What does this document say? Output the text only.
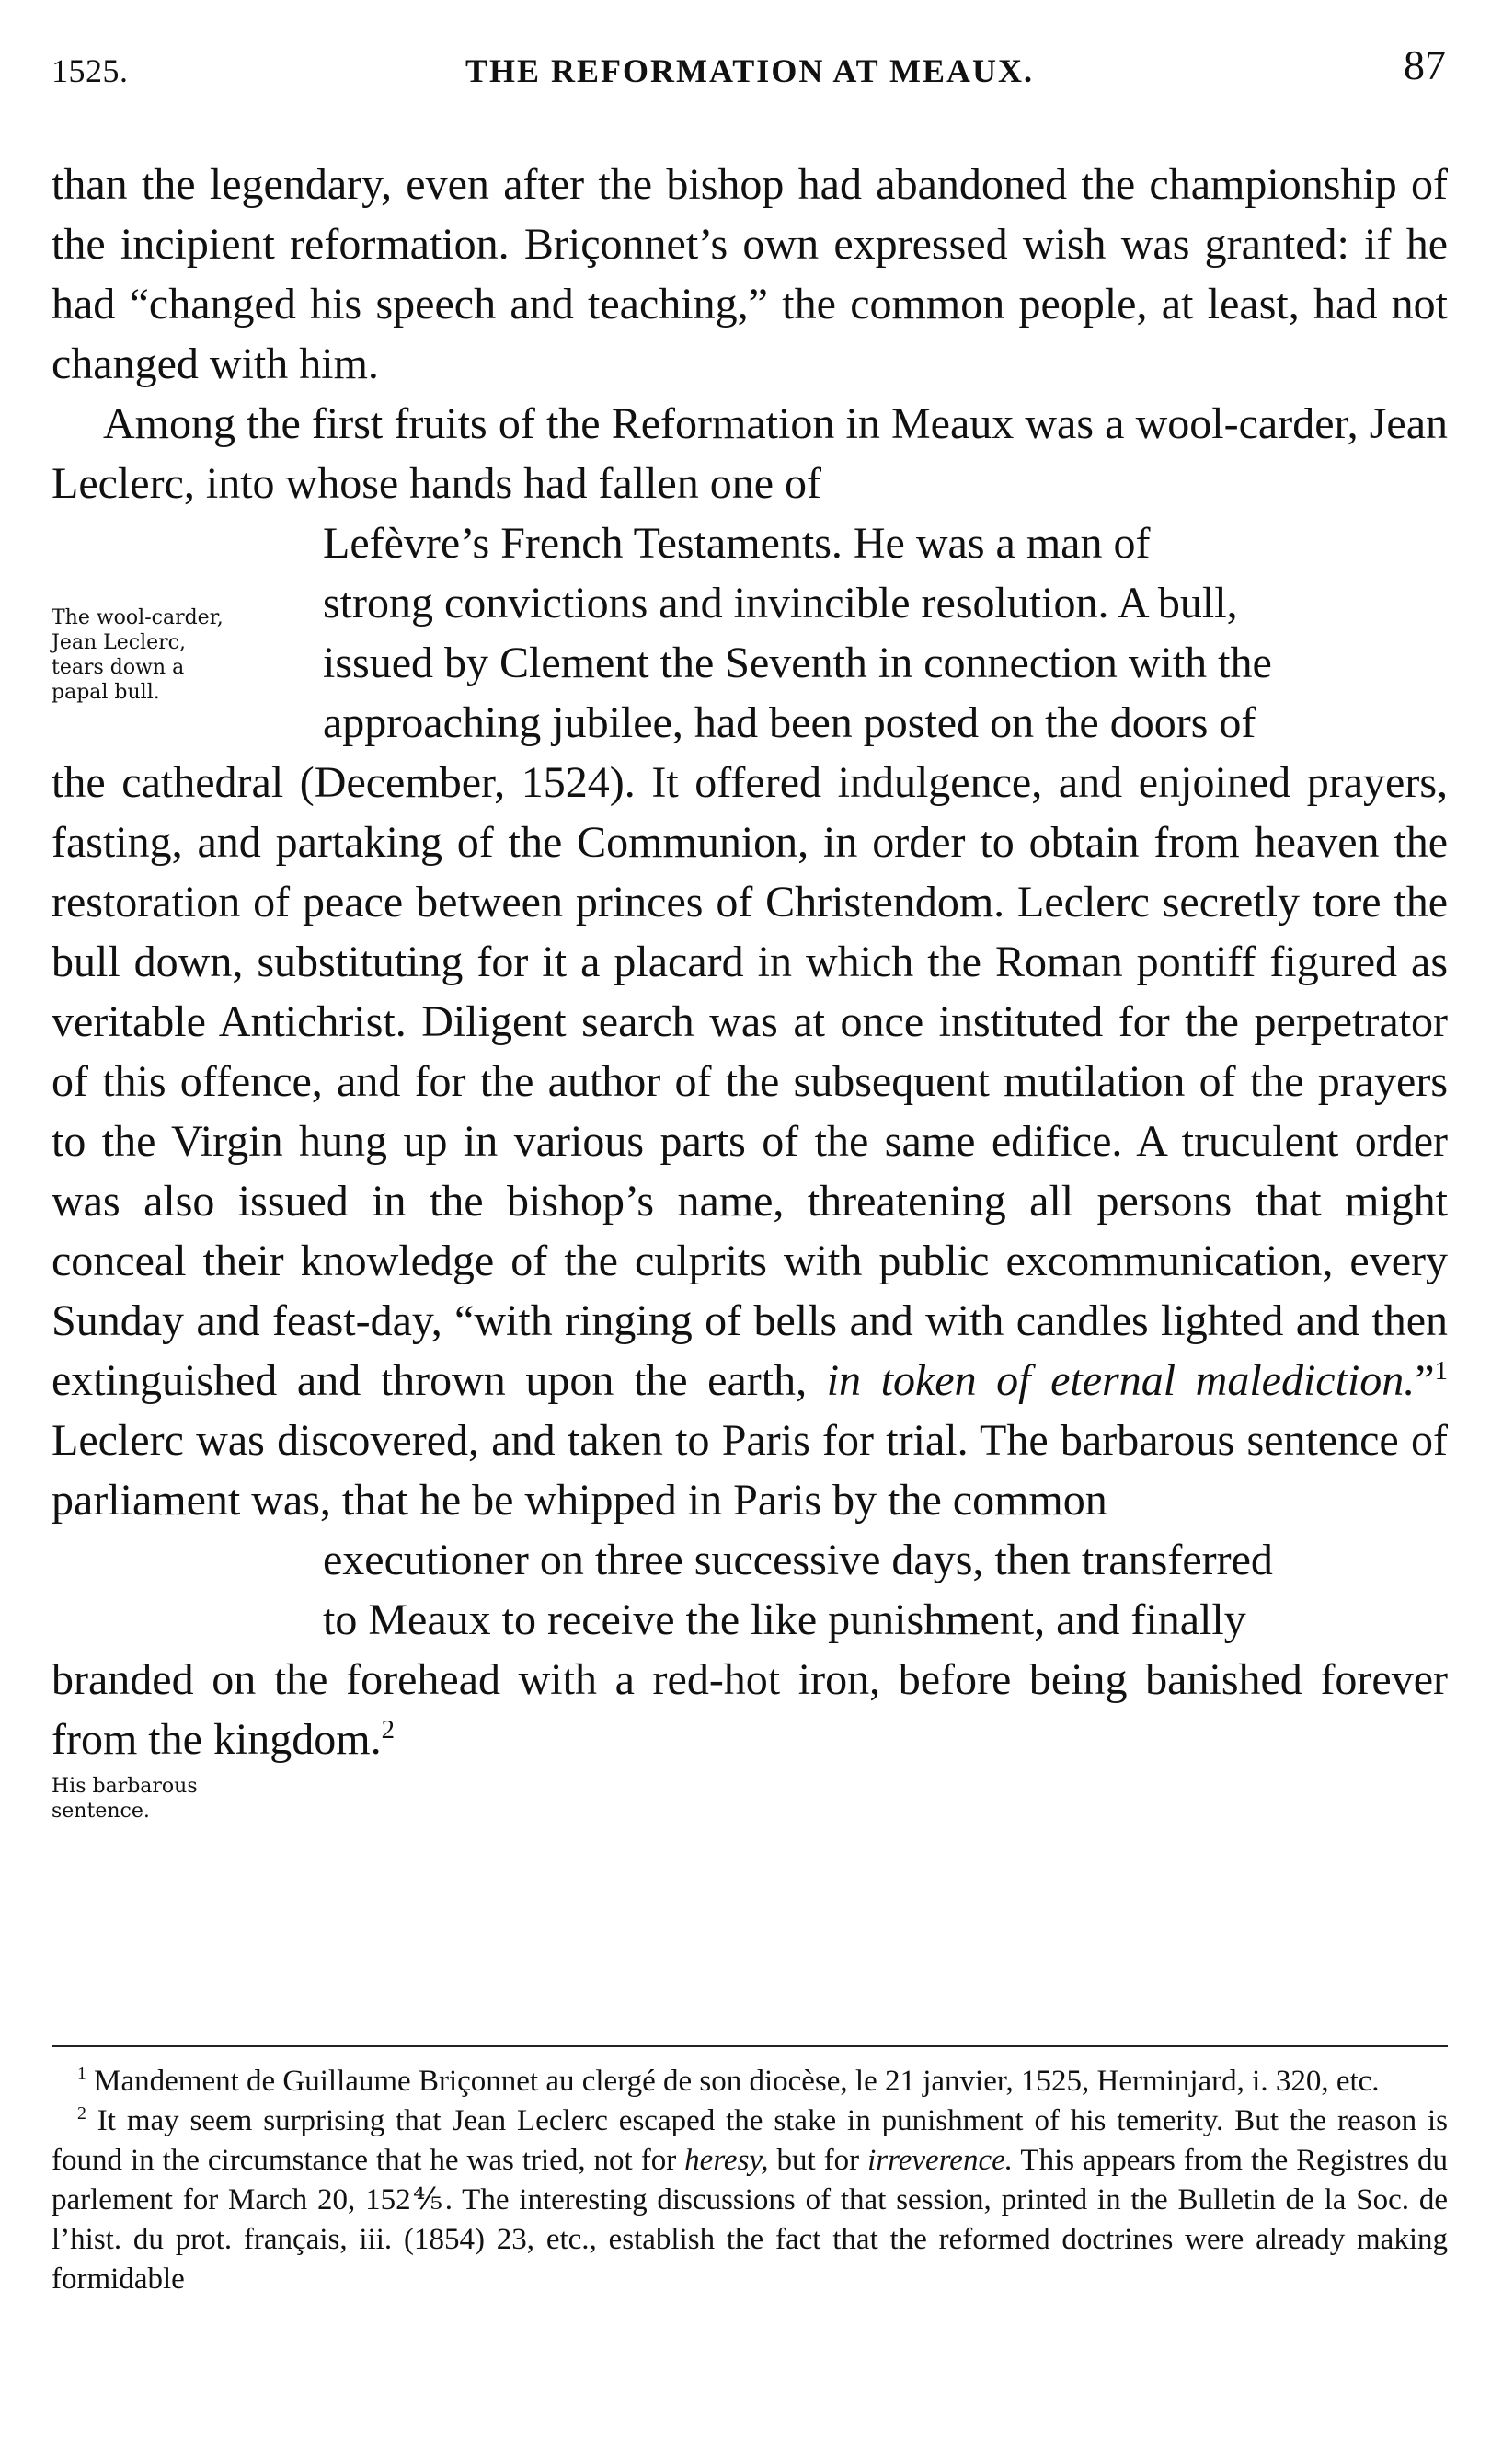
1525.	THE REFORMATION AT MEAUX.	87

than the legendary, even after the bishop had abandoned the championship of the incipient reformation. Briçonnet’s own expressed wish was granted: if he had “changed his speech and teaching,” the common people, at least, had not changed with him.

Among the first fruits of the Reformation in Meaux was a wool-carder, Jean Leclerc, into whose hands had fallen one of
Lefèvre’s French Testaments. He was a man of
strong convictions and invincible resolution. A bull,
issued by Clement the Seventh in connection with the
approaching jubilee, had been posted on the doors of
the cathedral (December, 1524). It offered indulgence, and enjoined prayers, fasting, and partaking of the Communion, in order to obtain from heaven the restoration of peace between princes of Christendom. Leclerc secretly tore the bull down, substituting for it a placard in which the Roman pontiff figured as veritable Antichrist. Diligent search was at once instituted for the perpetrator of this offence, and for the author of the subsequent mutilation of the prayers to the Virgin hung up in various parts of the same edifice. A truculent order was also issued in the bishop’s name, threatening all persons that might conceal their knowledge of the culprits with public excommunication, every Sunday and feast-day, “with ringing of bells and with candles lighted and then extinguished and thrown upon the earth, in token of eternal malediction.”$^1$ Leclerc was discovered, and taken to Paris for trial. The barbarous sentence of parliament was, that he be whipped in Paris by the common
executioner on three successive days, then transferred
to Meaux to receive the like punishment, and finally
branded on the forehead with a red-hot iron, before being banished forever from the kingdom.$^2$

The wool-carder, Jean Leclerc, tears down a papal bull.
His barbarous sentence.

$^1$ Mandement de Guillaume Briçonnet au clergé de son diocèse, le 21 janvier, 1525, Herminjard, i. 320, etc.

$^2$ It may seem surprising that Jean Leclerc escaped the stake in punishment of his temerity. But the reason is found in the circumstance that he was tried, not for heresy, but for irreverence. This appears from the Registres du parlement for March 20, 152⅘. The interesting discussions of that session, printed in the Bulletin de la Soc. de l’hist. du prot. français, iii. (1854) 23, etc., establish the fact that the reformed doctrines were already making formidable
